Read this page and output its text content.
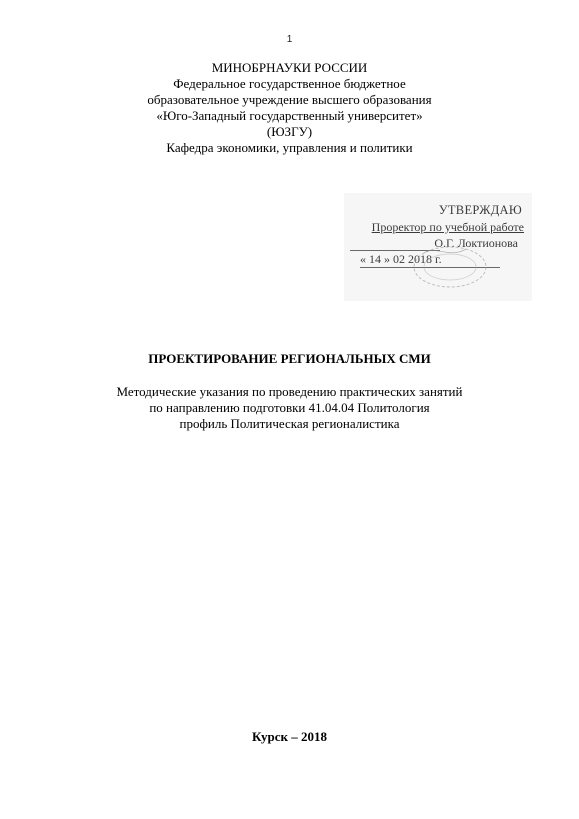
1
МИНОБРНАУКИ РОССИИ
Федеральное государственное бюджетное
образовательное учреждение высшего образования
«Юго-Западный государственный университет»
(ЮЗГУ)
Кафедра экономики, управления и политики
УТВЕРЖДАЮ
Проректор по учебной работе
О.Г. Локтионова
« 14 » 02 2018 г.
ПРОЕКТИРОВАНИЕ РЕГИОНАЛЬНЫХ СМИ
Методические указания по проведению практических занятий
по направлению подготовки 41.04.04 Политология
профиль Политическая регионалистика
Курск – 2018
